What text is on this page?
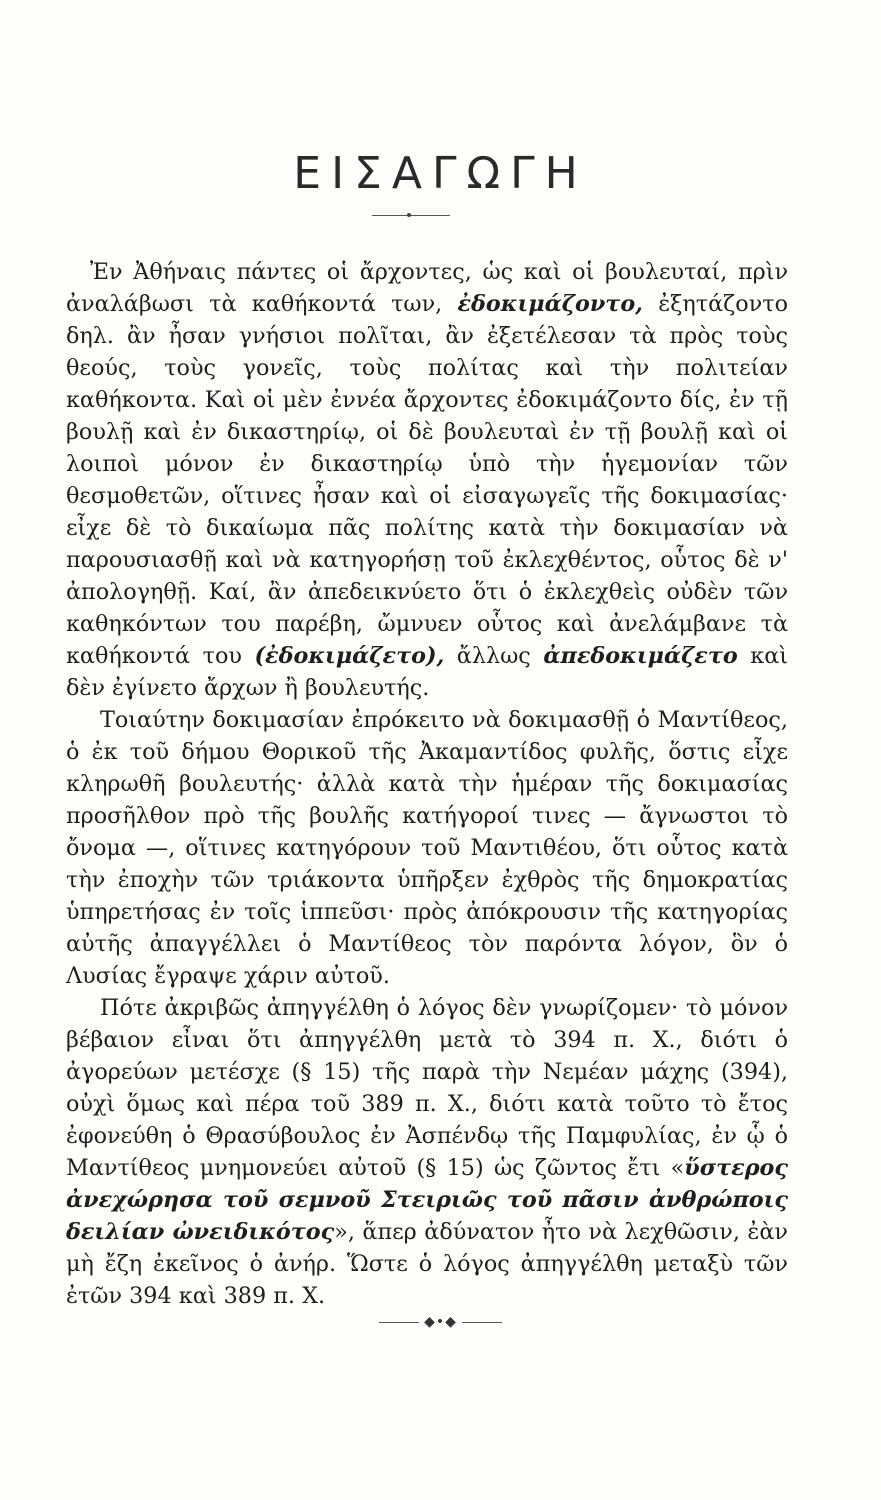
ΕΙΣΑΓΩΓΗ

Ἐν Ἀθήναις πάντες οἱ ἄρχοντες, ὡς καὶ οἱ βουλευταί, πρὶν ἀναλάβωσι τὰ καθήκοντά των, ἐδοκιμάζοντο, ἐξητάζοντο δηλ. ἂν ἦσαν γνήσιοι πολῖται, ἂν ἐξετέλεσαν τὰ πρὸς τοὺς θεούς, τοὺς γονεῖς, τοὺς πολίτας καὶ τὴν πολιτείαν καθήκοντα. Καὶ οἱ μὲν ἐννέα ἄρχοντες ἐδοκιμάζοντο δίς, ἐν τῇ βουλῇ καὶ ἐν δικαστηρίῳ, οἱ δὲ βουλευταὶ ἐν τῇ βουλῇ καὶ οἱ λοιποὶ μόνον ἐν δικαστηρίῳ ὑπὸ τὴν ἡγεμονίαν τῶν θεσμοθετῶν, οἵτινες ἦσαν καὶ οἱ εἰσαγωγεῖς τῆς δοκιμασίας· εἶχε δὲ τὸ δικαίωμα πᾶς πολίτης κατὰ τὴν δοκιμασίαν νὰ παρουσιασθῇ καὶ νὰ κατηγορήσῃ τοῦ ἐκλεχθέντος, οὗτος δὲ ν' ἀπολογηθῇ. Καί, ἂν ἀπεδεικνύετο ὅτι ὁ ἐκλεχθεὶς οὐδὲν τῶν καθηκόντων του παρέβη, ὤμνυεν οὗτος καὶ ἀνελάμβανε τὰ καθήκοντά του (ἐδοκιμάζετο), ἄλλως ἀπεδοκιμάζετο καὶ δὲν ἐγίνετο ἄρχων ἢ βουλευτής.

Τοιαύτην δοκιμασίαν ἐπρόκειτο νὰ δοκιμασθῇ ὁ Μαντίθεος, ὁ ἐκ τοῦ δήμου Θορικοῦ τῆς Ἀκαμαντίδος φυλῆς, ὅστις εἶχε κληρωθῆ βουλευτής· ἀλλὰ κατὰ τὴν ἡμέραν τῆς δοκιμασίας προσῆλθον πρὸ τῆς βουλῆς κατήγοροί τινες — ἄγνωστοι τὸ ὄνομα —, οἵτινες κατηγόρουν τοῦ Μαντιθέου, ὅτι οὗτος κατὰ τὴν ἐποχὴν τῶν τριάκοντα ὑπῆρξεν ἐχθρὸς τῆς δημοκρατίας ὑπηρετήσας ἐν τοῖς ἱππεῦσι· πρὸς ἀπόκρουσιν τῆς κατηγορίας αὐτῆς ἀπαγγέλλει ὁ Μαντίθεος τὸν παρόντα λόγον, ὃν ὁ Λυσίας ἔγραψε χάριν αὐτοῦ.

Πότε ἀκριβῶς ἀπηγγέλθη ὁ λόγος δὲν γνωρίζομεν· τὸ μόνον βέβαιον εἶναι ὅτι ἀπηγγέλθη μετὰ τὸ 394 π. Χ., διότι ὁ ἀγορεύων μετέσχε (§ 15) τῆς παρὰ τὴν Νεμέαν μάχης (394), οὐχὶ ὅμως καὶ πέρα τοῦ 389 π. Χ., διότι κατὰ τοῦτο τὸ ἔτος ἐφονεύθη ὁ Θρασύβουλος ἐν Ἀσπένδῳ τῆς Παμφυλίας, ἐν ᾧ ὁ Μαντίθεος μνημονεύει αὐτοῦ (§ 15) ὡς ζῶντος ἔτι «ὕστερος ἀνεχώρησα τοῦ σεμνοῦ Στειριῶς τοῦ πᾶσιν ἀνθρώποις δειλίαν ὠνειδικότος», ἅπερ ἀδύνατον ἦτο νὰ λεχθῶσιν, ἐὰν μὴ ἔζη ἐκεῖνος ὁ ἀνήρ. Ὥστε ὁ λόγος ἀπηγγέλθη μεταξὺ τῶν ἐτῶν 394 καὶ 389 π. Χ.

◆•◆
